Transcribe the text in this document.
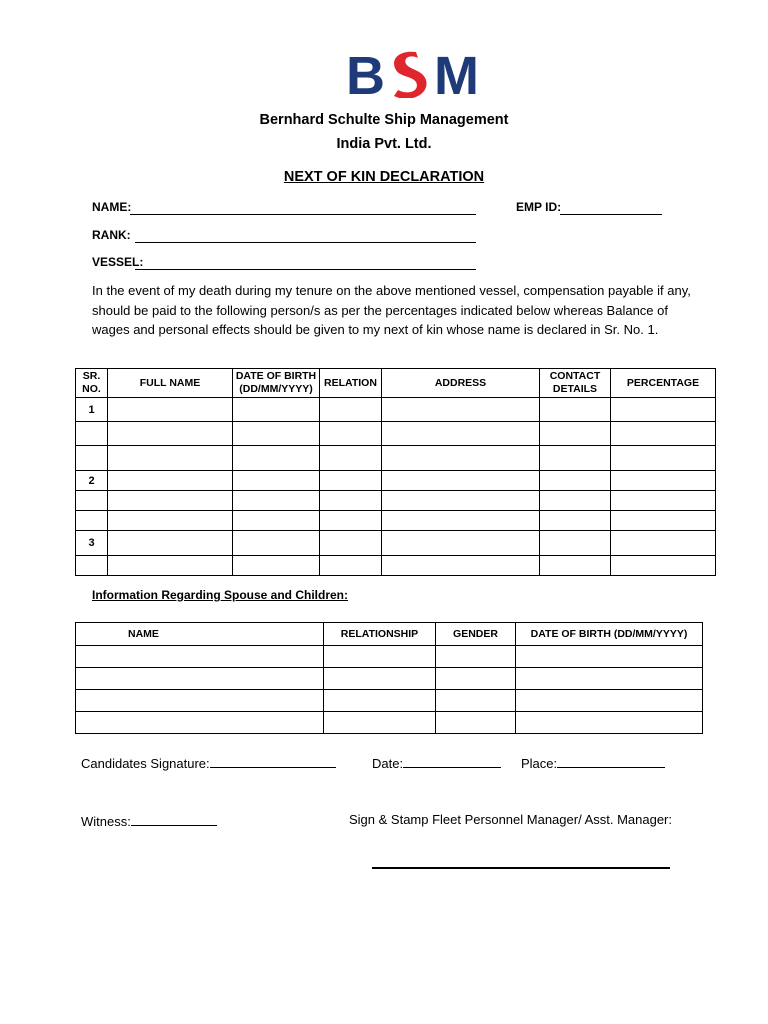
B M
Bernhard Schulte Ship Management
India Pvt. Ltd.
NEXT OF KIN DECLARATION
NAME:	EMP ID:
RANK:
VESSEL:
In the event of my death during my tenure on the above mentioned vessel, compensation payable if any, should be paid to the following person/s as per the percentages indicated below whereas Balance of wages and personal effects should be given to my next of kin whose name is declared in Sr. No. 1.
SR. NO.	FULL NAME	DATE OF BIRTH (DD/MM/YYYY)	RELATION	ADDRESS	CONTACT DETAILS	PERCENTAGE
1						

2						

3						

Information Regarding Spouse and Children:
NAME	RELATIONSHIP	GENDER	DATE OF BIRTH (DD/MM/YYYY)

Candidates Signature:	Date:	Place:
Witness:	Sign & Stamp Fleet Personnel Manager/ Asst. Manager:
